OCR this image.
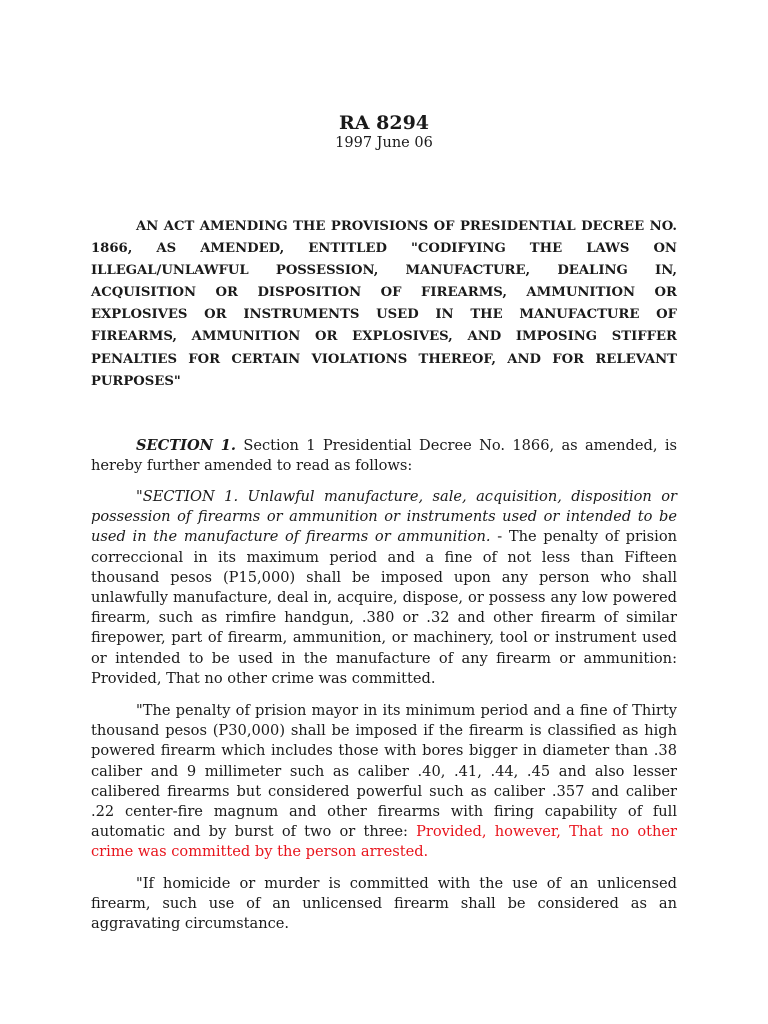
RA 8294
1997 June 06

AN ACT AMENDING THE PROVISIONS OF PRESIDENTIAL DECREE NO. 1866, AS AMENDED, ENTITLED "CODIFYING THE LAWS ON ILLEGAL/UNLAWFUL POSSESSION, MANUFACTURE, DEALING IN, ACQUISITION OR DISPOSITION OF FIREARMS, AMMUNITION OR EXPLOSIVES OR INSTRUMENTS USED IN THE MANUFACTURE OF FIREARMS, AMMUNITION OR EXPLOSIVES, AND IMPOSING STIFFER PENALTIES FOR CERTAIN VIOLATIONS THEREOF, AND FOR RELEVANT PURPOSES"

SECTION 1. Section 1 Presidential Decree No. 1866, as amended, is hereby further amended to read as follows:

"SECTION 1. Unlawful manufacture, sale, acquisition, disposition or possession of firearms or ammunition or instruments used or intended to be used in the manufacture of firearms or ammunition. - The penalty of prision correccional in its maximum period and a fine of not less than Fifteen thousand pesos (P15,000) shall be imposed upon any person who shall unlawfully manufacture, deal in, acquire, dispose, or possess any low powered firearm, such as rimfire handgun, .380 or .32 and other firearm of similar firepower, part of firearm, ammunition, or machinery, tool or instrument used or intended to be used in the manufacture of any firearm or ammunition: Provided, That no other crime was committed.

"The penalty of prision mayor in its minimum period and a fine of Thirty thousand pesos (P30,000) shall be imposed if the firearm is classified as high powered firearm which includes those with bores bigger in diameter than .38 caliber and 9 millimeter such as caliber .40, .41, .44, .45 and also lesser calibered firearms but considered powerful such as caliber .357 and caliber .22 center-fire magnum and other firearms with firing capability of full automatic and by burst of two or three: Provided, however, That no other crime was committed by the person arrested.

"If homicide or murder is committed with the use of an unlicensed firearm, such use of an unlicensed firearm shall be considered as an aggravating circumstance.
